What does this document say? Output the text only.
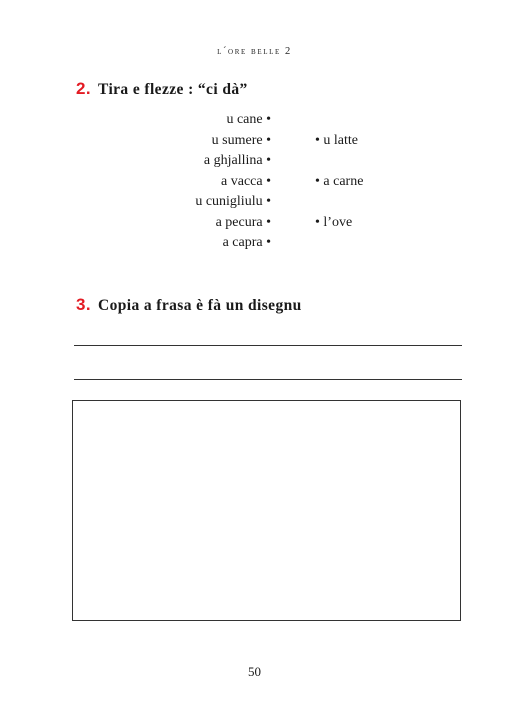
l´ore belle 2
2. Tira e flezze : “ci dà”
u cane •
u sumere •
a ghjallina •
a vacca •
u cunigliulu •
a pecura •
a capra •
• u latte
• a carne
• l’ove
3. Copia a frasa è fà un disegnu
50
